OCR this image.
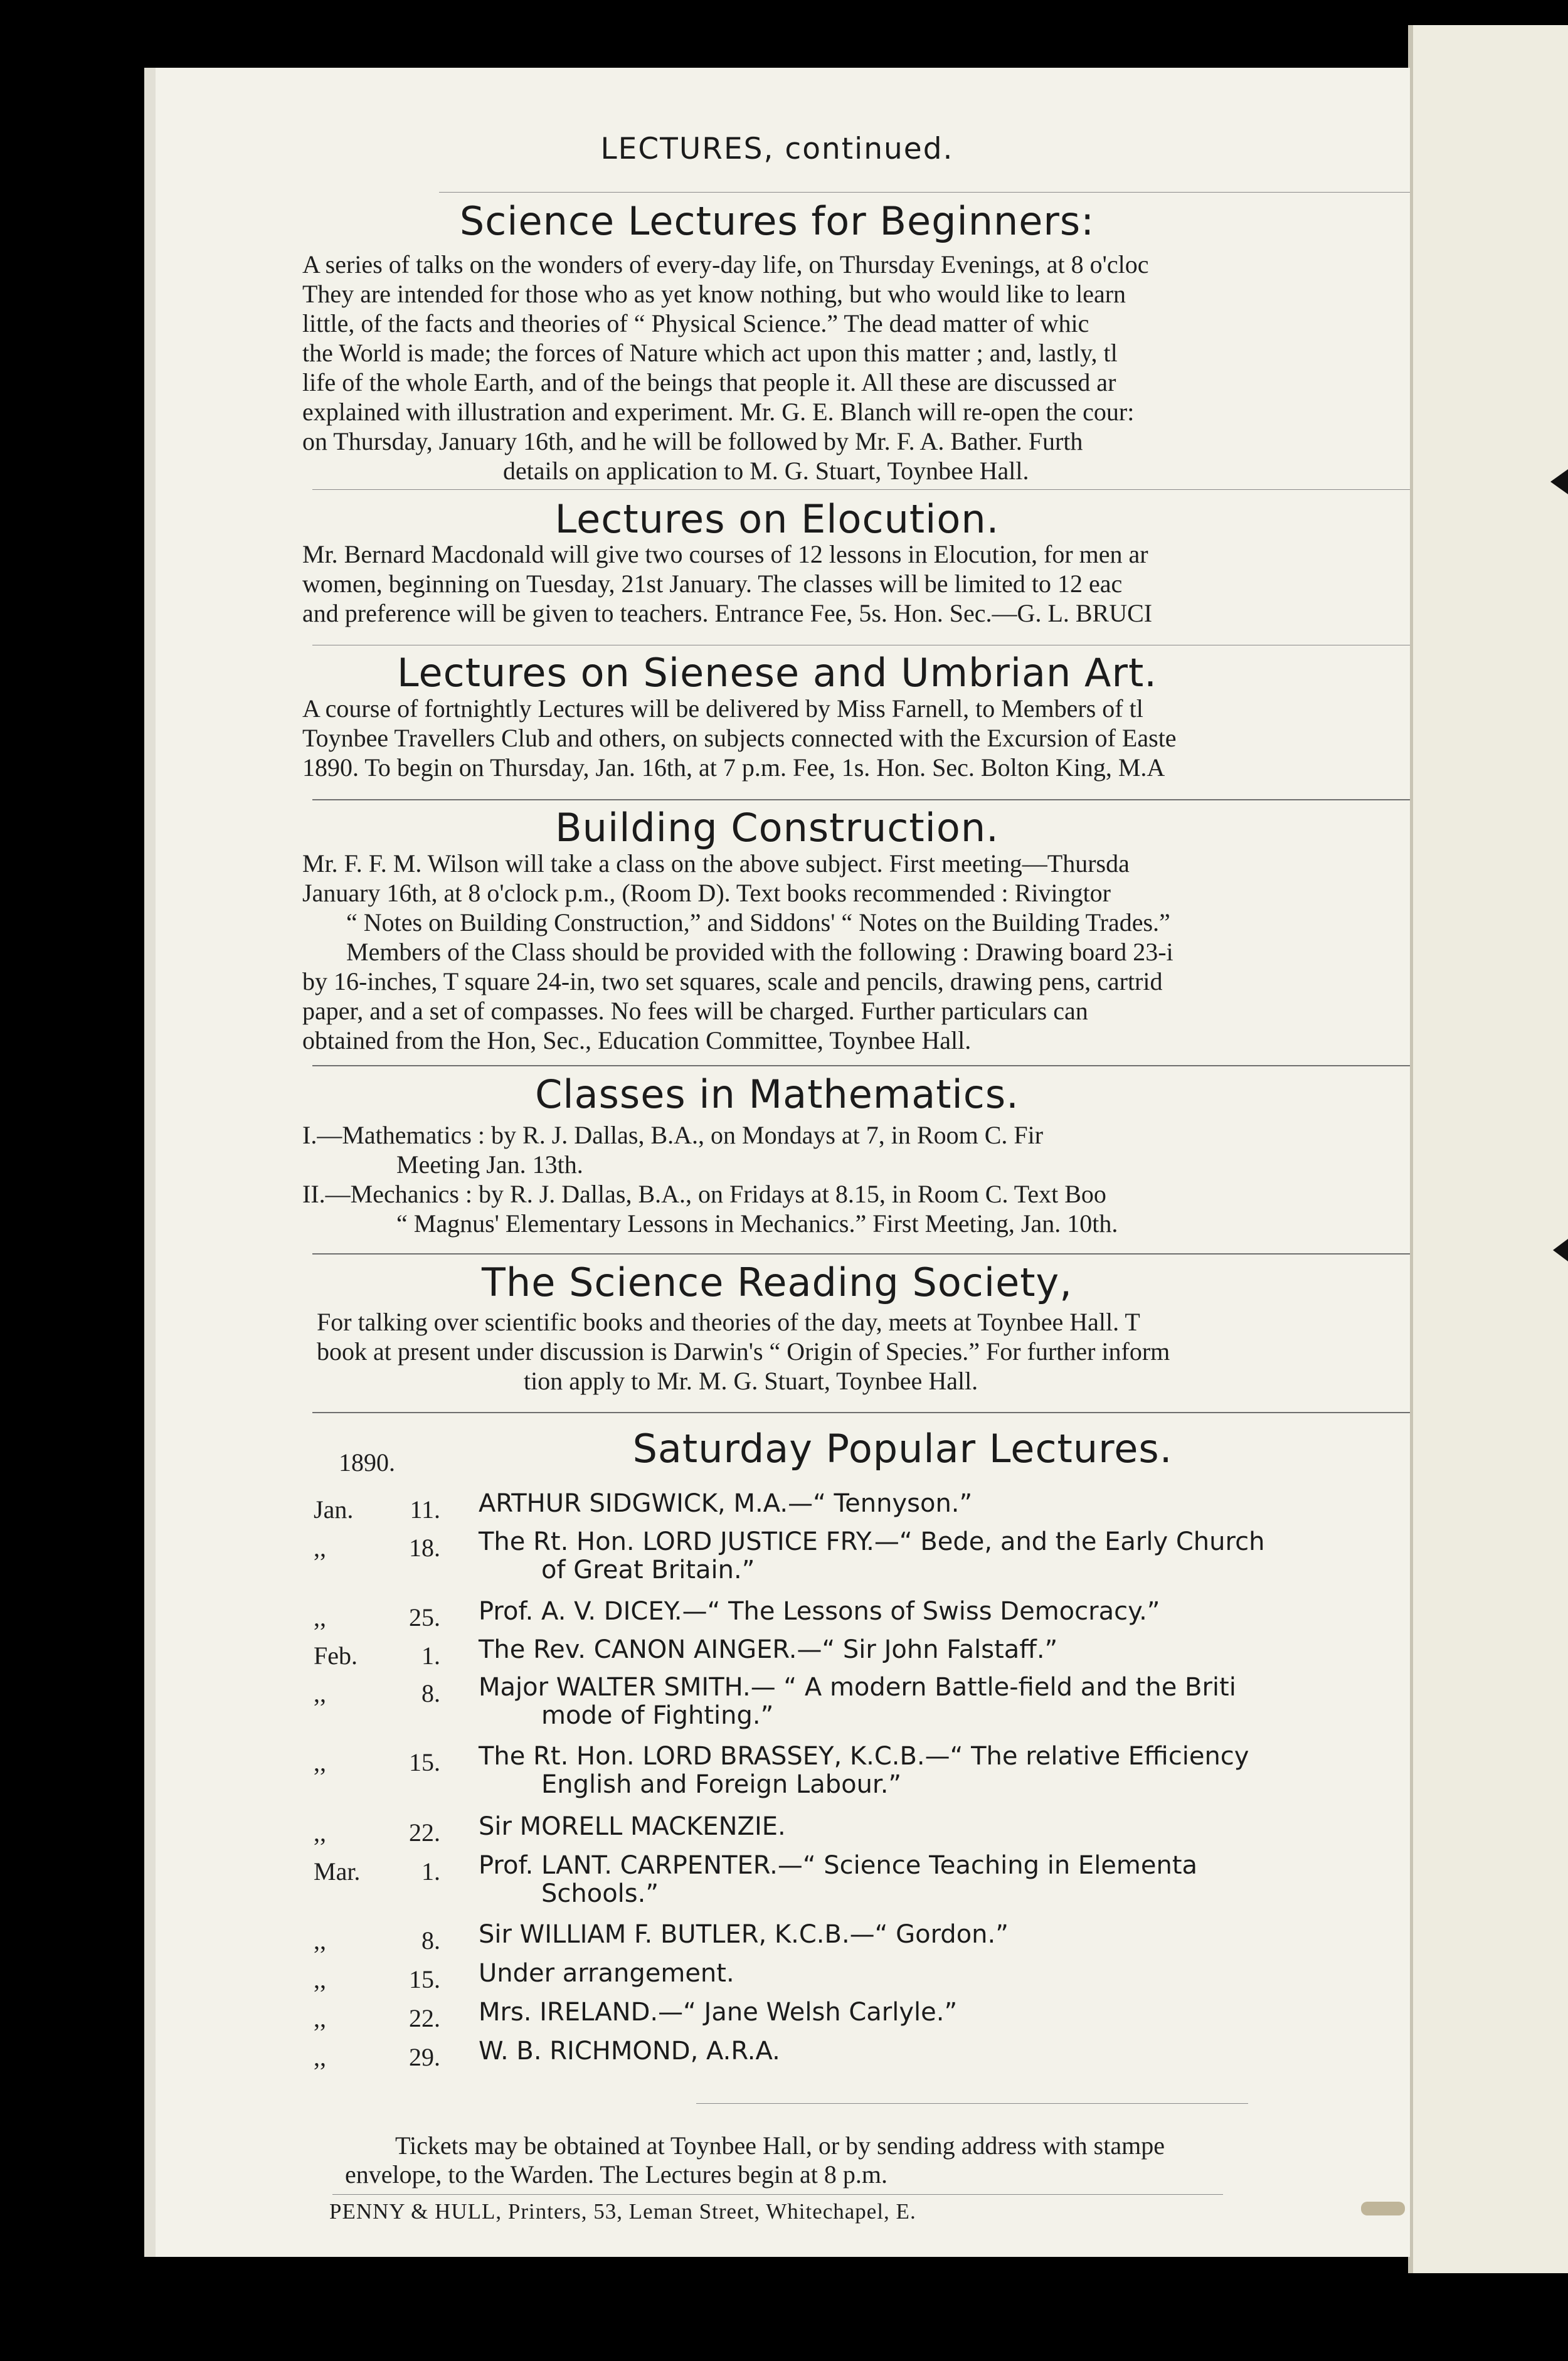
LECTURES, continued.
Science Lectures for Beginners:
A series of talks on the wonders of every-day life, on Thursday Evenings, at 8 o'cloc
They are intended for those who as yet know nothing, but who would like to learn
little, of the facts and theories of “ Physical Science.” The dead matter of whic
the World is made; the forces of Nature which act upon this matter ; and, lastly, tl
life of the whole Earth, and of the beings that people it. All these are discussed ar
explained with illustration and experiment. Mr. G. E. Blanch will re-open the cour:
on Thursday, January 16th, and he will be followed by Mr. F. A. Bather. Furth
details on application to M. G. Stuart, Toynbee Hall.
Lectures on Elocution.
Mr. Bernard Macdonald will give two courses of 12 lessons in Elocution, for men ar
women, beginning on Tuesday, 21st January. The classes will be limited to 12 eac
and preference will be given to teachers. Entrance Fee, 5s. Hon. Sec.—G. L. BRUCI
Lectures on Sienese and Umbrian Art.
A course of fortnightly Lectures will be delivered by Miss Farnell, to Members of tl
Toynbee Travellers Club and others, on subjects connected with the Excursion of Easte
1890. To begin on Thursday, Jan. 16th, at 7 p.m. Fee, 1s. Hon. Sec. Bolton King, M.A
Building Construction.
Mr. F. F. M. Wilson will take a class on the above subject. First meeting—Thursda
January 16th, at 8 o'clock p.m., (Room D). Text books recommended : Rivingtor
“ Notes on Building Construction,” and Siddons' “ Notes on the Building Trades.”
Members of the Class should be provided with the following : Drawing board 23-i
by 16-inches, T square 24-in, two set squares, scale and pencils, drawing pens, cartrid
paper, and a set of compasses. No fees will be charged. Further particulars can
obtained from the Hon, Sec., Education Committee, Toynbee Hall.
Classes in Mathematics.
I.—Mathematics : by R. J. Dallas, B.A., on Mondays at 7, in Room C. Fir
Meeting Jan. 13th.
II.—Mechanics : by R. J. Dallas, B.A., on Fridays at 8.15, in Room C. Text Boo
“ Magnus' Elementary Lessons in Mechanics.” First Meeting, Jan. 10th.
The Science Reading Society,
For talking over scientific books and theories of the day, meets at Toynbee Hall. T
book at present under discussion is Darwin's “ Origin of Species.” For further inform
tion apply to Mr. M. G. Stuart, Toynbee Hall.
Saturday Popular Lectures.
1890.
Jan.	11. ARTHUR SIDGWICK, M.A.—“ Tennyson.”
,,	18. The Rt. Hon. LORD JUSTICE FRY.—“ Bede, and the Early Church
of Great Britain.”
,,	25. Prof. A. V. DICEY.—“ The Lessons of Swiss Democracy.”
Feb.	1. The Rev. CANON AINGER.—“ Sir John Falstaff.”
,,	8. Major WALTER SMITH.— “ A modern Battle-field and the Briti
mode of Fighting.”
,,	15. The Rt. Hon. LORD BRASSEY, K.C.B.—“ The relative Efficiency
English and Foreign Labour.”
,,	22. Sir MORELL MACKENZIE.
Mar.	1. Prof. LANT. CARPENTER.—“ Science Teaching in Elementa
Schools.”
,,	8. Sir WILLIAM F. BUTLER, K.C.B.—“ Gordon.”
,,	15. Under arrangement.
,,	22. Mrs. IRELAND.—“ Jane Welsh Carlyle.”
,,	29. W. B. RICHMOND, A.R.A.
Tickets may be obtained at Toynbee Hall, or by sending address with stampe
envelope, to the Warden. The Lectures begin at 8 p.m.
PENNY & HULL, Printers, 53, Leman Street, Whitechapel, E.
